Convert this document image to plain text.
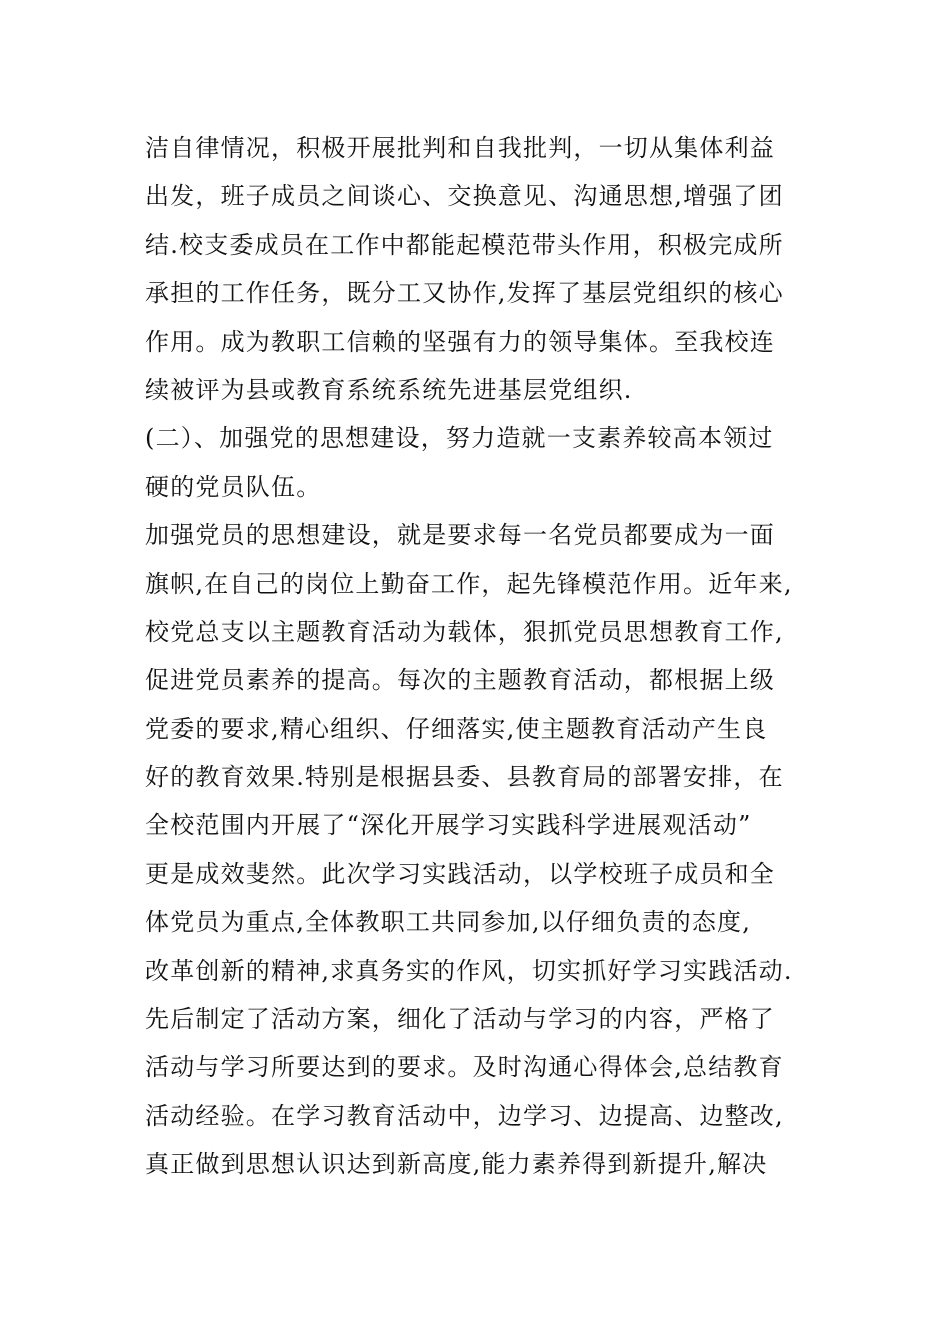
洁自律情况，积极开展批判和自我批判，一切从集体利益
出发，班子成员之间谈心、交换意见、沟通思想,增强了团
结.校支委成员在工作中都能起模范带头作用，积极完成所
承担的工作任务，既分工又协作,发挥了基层党组织的核心
作用。成为教职工信赖的坚强有力的领导集体。至我校连
续被评为县或教育系统系统先进基层党组织.
(二）、加强党的思想建设，努力造就一支素养较高本领过
硬的党员队伍。
加强党员的思想建设，就是要求每一名党员都要成为一面
旗帜,在自己的岗位上勤奋工作，起先锋模范作用。近年来,
校党总支以主题教育活动为载体，狠抓党员思想教育工作,
促进党员素养的提高。每次的主题教育活动，都根据上级
党委的要求,精心组织、仔细落实,使主题教育活动产生良
好的教育效果.特别是根据县委、县教育局的部署安排，在
全校范围内开展了“深化开展学习实践科学进展观活动”
更是成效斐然。此次学习实践活动，以学校班子成员和全
体党员为重点,全体教职工共同参加,以仔细负责的态度,
改革创新的精神,求真务实的作风，切实抓好学习实践活动.
先后制定了活动方案，细化了活动与学习的内容，严格了
活动与学习所要达到的要求。及时沟通心得体会,总结教育
活动经验。在学习教育活动中，边学习、边提高、边整改,
真正做到思想认识达到新高度,能力素养得到新提升,解决
